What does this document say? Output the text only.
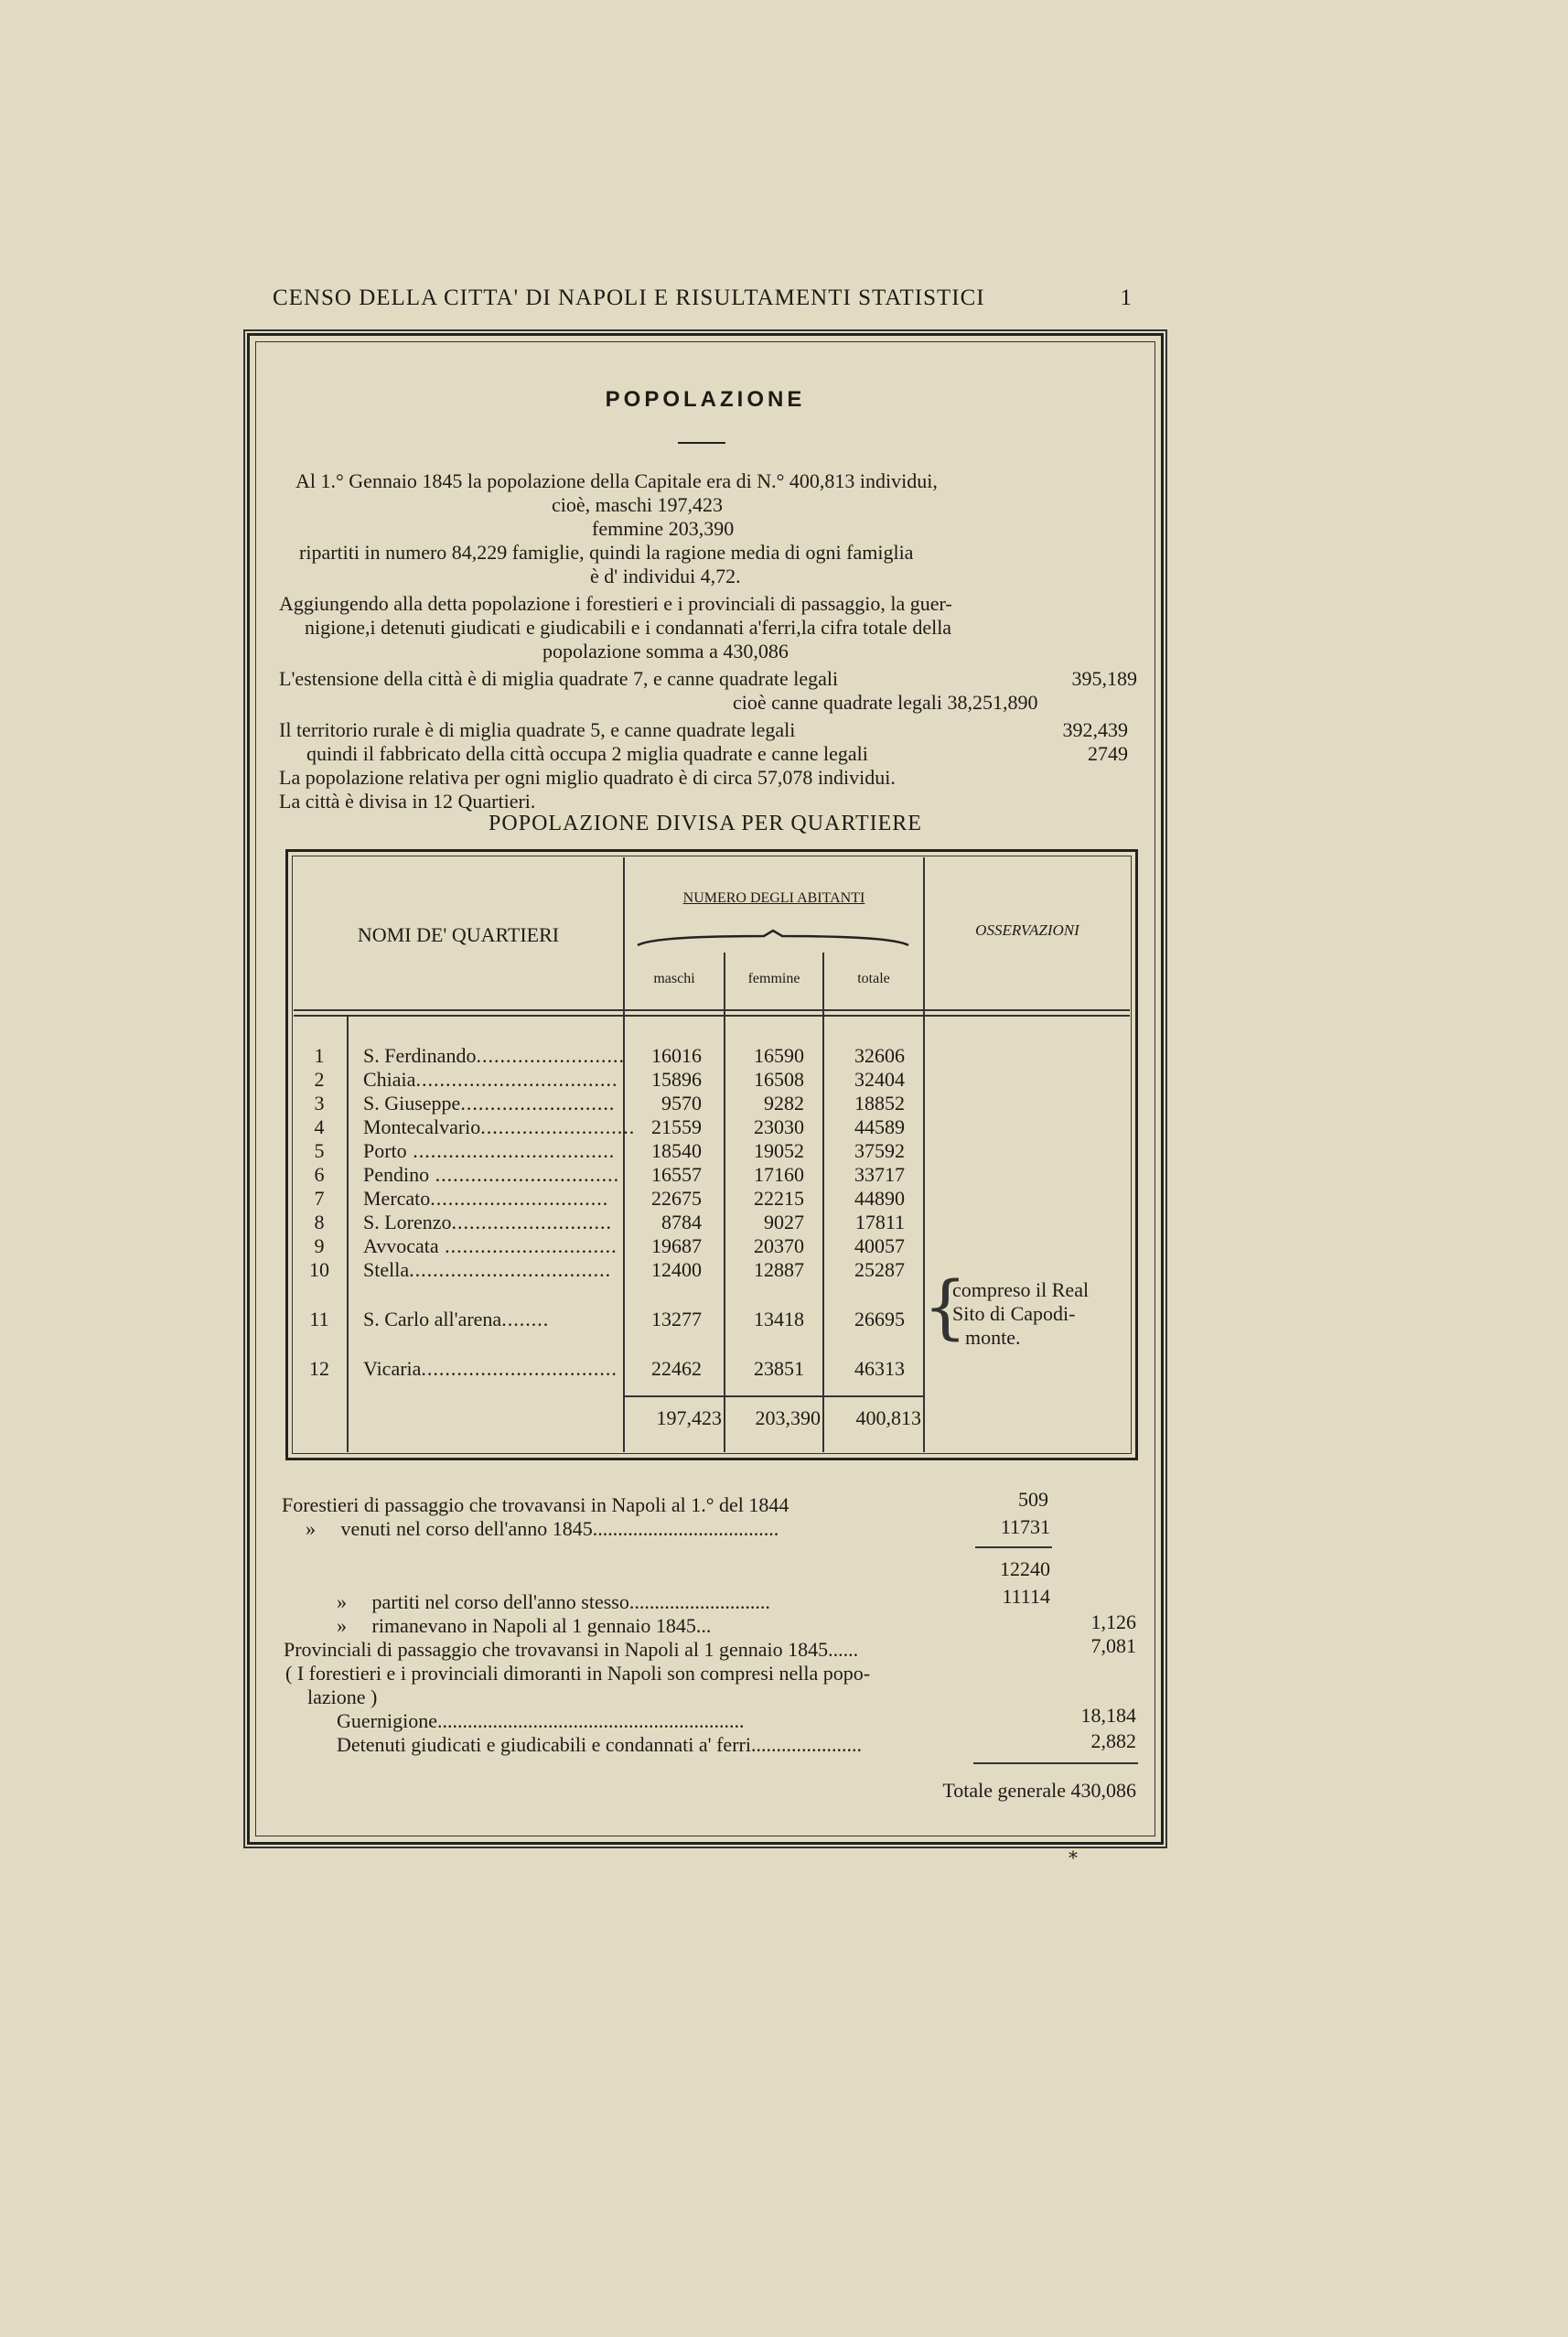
CENSO DELLA CITTA' DI NAPOLI E RISULTAMENTI STATISTICI	1
POPOLAZIONE
Al 1.° Gennaio 1845 la popolazione della Capitale era di N.° 400,813 individui,
cioè, maschi 197,423
femmine 203,390
ripartiti in numero 84,229 famiglie, quindi la ragione media di ogni famiglia
è d' individui 4,72.
Aggiungendo alla detta popolazione i forestieri e i provinciali di passaggio, la guer-
nigione,i detenuti giudicati e giudicabili e i condannati a'ferri,la cifra totale della
popolazione somma a 430,086
L'estensione della città è di miglia quadrate 7, e canne quadrate legali	395,189
cioè canne quadrate legali 38,251,890
Il territorio rurale è di miglia quadrate 5, e canne quadrate legali	392,439
quindi il fabbricato della città occupa 2 miglia quadrate e canne legali	2749
La popolazione relativa per ogni miglio quadrato è di circa 57,078 individui.
La città è divisa in 12 Quartieri.
POPOLAZIONE DIVISA PER QUARTIERE
NOMI DE' QUARTIERI
NUMERO DEGLI ABITANTI
maschi	femmine	totale
OSSERVAZIONI
1	S. Ferdinando.........................	16016	16590	32606
2	Chiaia..................................	15896	16508	32404
3	S. Giuseppe..........................	9570	9282	18852
4	Montecalvario.......................... 21559	23030	44589
5	Porto ..................................	18540	19052	37592
6	Pendino ...............................	16557	17160	33717
7	Mercato..............................	22675	22215	44890
8	S. Lorenzo...........................	8784	9027	17811
9	Avvocata .............................	19687	20370	40057
10	Stella..................................	12400	12887	25287
11	S. Carlo all'arena........	13277	13418	26695
12	Vicaria.................................	22462	23851	46313
197,423	203,390	400,813
{
compreso il Real
Sito di Capodi-
monte.
Forestieri di passaggio che trovavansi in Napoli al 1.° del 1844	509
»     venuti nel corso dell'anno 1845.....................................	11731
12240
»     partiti nel corso dell'anno stesso............................	11114
»     rimanevano in Napoli al 1 gennaio 1845...	1,126
Provinciali di passaggio che trovavansi in Napoli al 1 gennaio 1845......	7,081
( I forestieri e i provinciali dimoranti in Napoli son compresi nella popo-
lazione )
Guernigione.............................................................	18,184
Detenuti giudicati e giudicabili e condannati a' ferri......................	2,882
Totale generale 430,086
*
